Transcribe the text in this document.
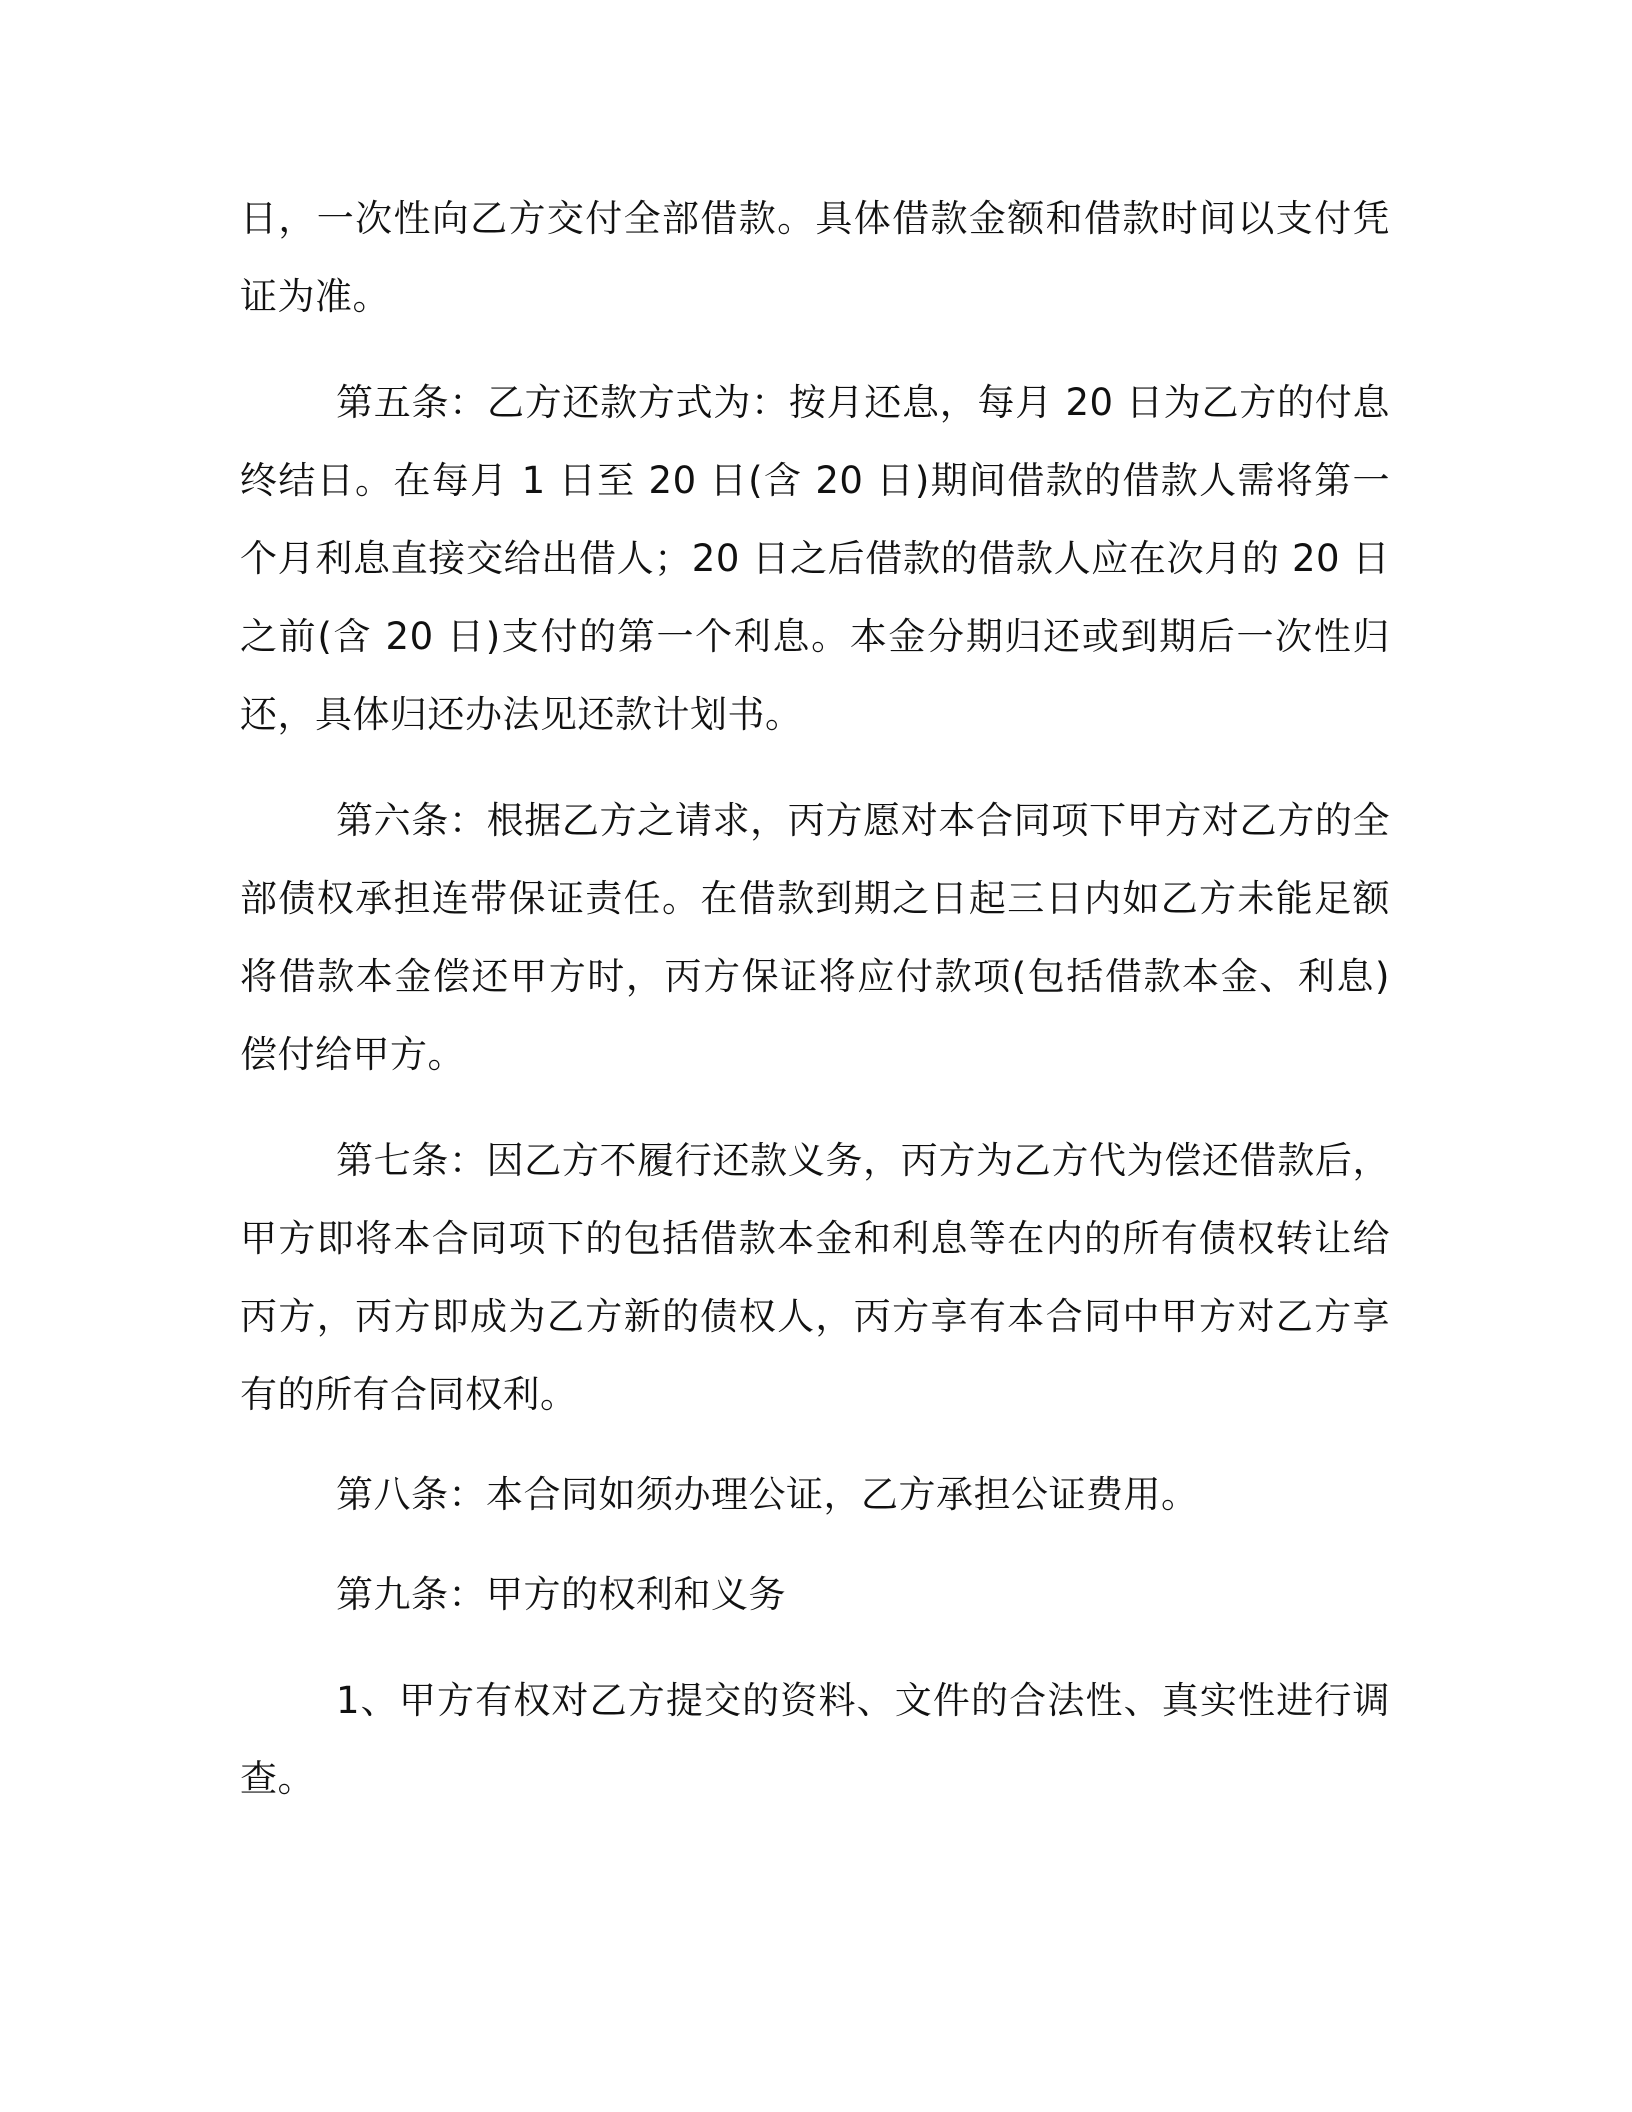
日，一次性向乙方交付全部借款。具体借款金额和借款时间以支付凭证为准。

第五条：乙方还款方式为：按月还息，每月 20 日为乙方的付息终结日。在每月 1 日至 20 日(含 20 日)期间借款的借款人需将第一个月利息直接交给出借人；20 日之后借款的借款人应在次月的 20 日之前(含 20 日)支付的第一个利息。本金分期归还或到期后一次性归还，具体归还办法见还款计划书。

第六条：根据乙方之请求，丙方愿对本合同项下甲方对乙方的全部债权承担连带保证责任。在借款到期之日起三日内如乙方未能足额将借款本金偿还甲方时，丙方保证将应付款项(包括借款本金、利息)偿付给甲方。

第七条：因乙方不履行还款义务，丙方为乙方代为偿还借款后，甲方即将本合同项下的包括借款本金和利息等在内的所有债权转让给丙方，丙方即成为乙方新的债权人，丙方享有本合同中甲方对乙方享有的所有合同权利。

第八条：本合同如须办理公证，乙方承担公证费用。

第九条：甲方的权利和义务

1、甲方有权对乙方提交的资料、文件的合法性、真实性进行调查。
